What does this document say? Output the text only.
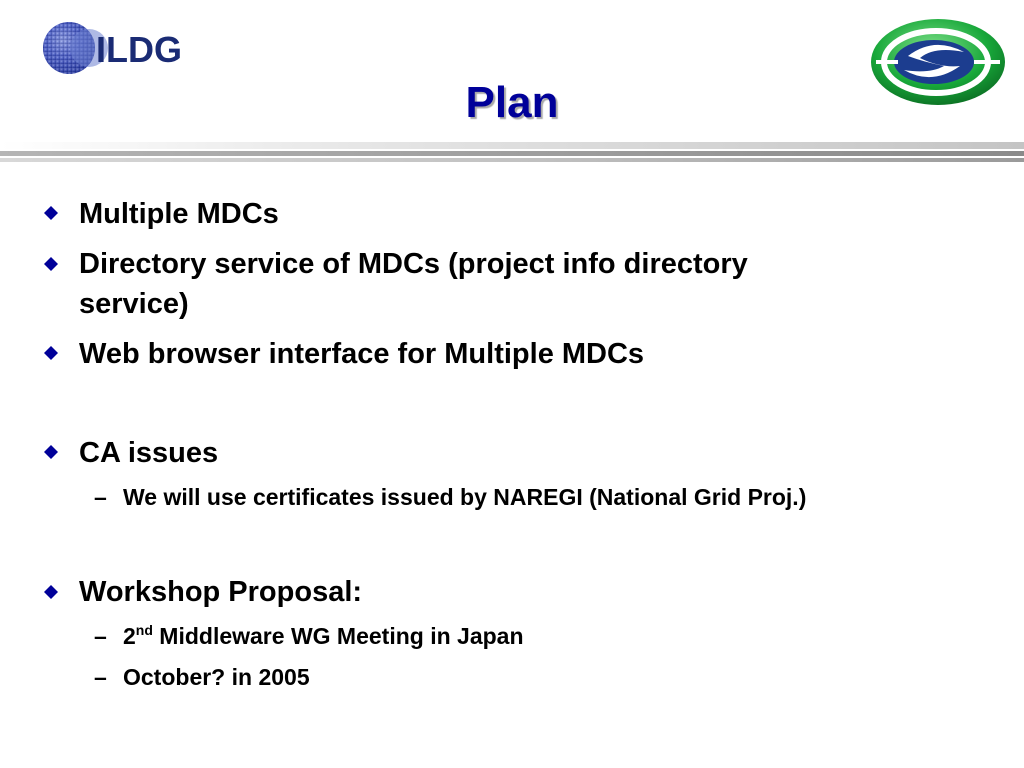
ILDG
Plan
Multiple MDCs
Directory service of MDCs (project info directory
service)
Web browser interface for Multiple MDCs
CA issues
– We will use certificates issued by NAREGI (National Grid Proj.)
Workshop Proposal:
– 2nd Middleware WG Meeting in Japan
– October? in 2005
